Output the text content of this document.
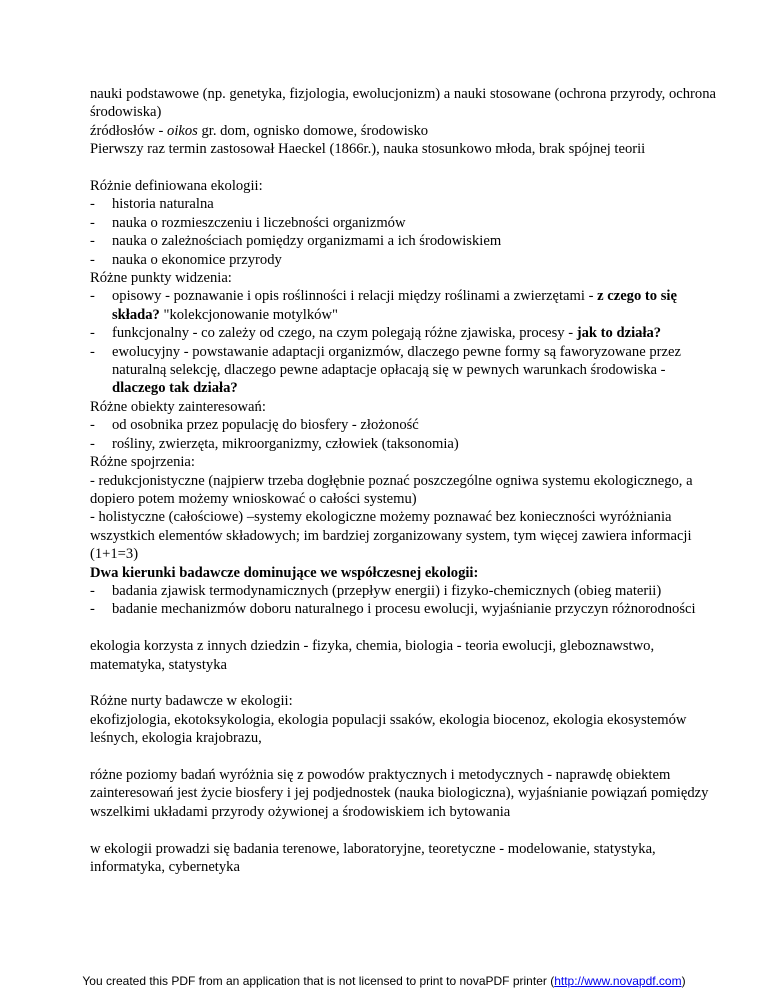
nauki podstawowe (np. genetyka, fizjologia, ewolucjonizm) a nauki stosowane (ochrona przyrody, ochrona środowiska)

źródłosłów - oikos gr. dom, ognisko domowe, środowisko

Pierwszy raz termin zastosował Haeckel (1866r.), nauka stosunkowo młoda, brak spójnej teorii

Różnie definiowana ekologii:

- historia naturalna

- nauka o rozmieszczeniu i liczebności organizmów

- nauka o zależnościach pomiędzy organizmami a ich środowiskiem

- nauka o ekonomice przyrody

Różne punkty widzenia:

- opisowy - poznawanie i opis roślinności i relacji między roślinami a zwierzętami - z czego to się składa? "kolekcjonowanie motylków"

- funkcjonalny - co zależy od czego, na czym polegają różne zjawiska, procesy - jak to działa?

- ewolucyjny - powstawanie adaptacji organizmów, dlaczego pewne formy są faworyzowane przez naturalną selekcję, dlaczego pewne adaptacje opłacają się w pewnych warunkach środowiska - dlaczego tak działa?

Różne obiekty zainteresowań:

- od osobnika przez populację do biosfery - złożoność

- rośliny, zwierzęta, mikroorganizmy, człowiek (taksonomia)

Różne spojrzenia:

- redukcjonistyczne (najpierw trzeba dogłębnie poznać poszczególne ogniwa systemu ekologicznego, a dopiero potem możemy wnioskować o całości systemu)

- holistyczne (całościowe) –systemy ekologiczne możemy poznawać bez konieczności wyróżniania wszystkich elementów składowych; im bardziej zorganizowany system, tym więcej zawiera informacji (1+1=3)

Dwa kierunki badawcze dominujące we współczesnej ekologii:

- badania zjawisk termodynamicznych (przepływ energii) i fizyko-chemicznych (obieg materii)

- badanie mechanizmów doboru naturalnego i procesu ewolucji, wyjaśnianie przyczyn różnorodności

ekologia korzysta z innych dziedzin - fizyka, chemia, biologia - teoria ewolucji, gleboznawstwo, matematyka, statystyka

Różne nurty badawcze w ekologii:

ekofizjologia, ekotoksykologia, ekologia populacji ssaków, ekologia biocenoz, ekologia ekosystemów leśnych, ekologia krajobrazu,

różne poziomy badań wyróżnia się z powodów praktycznych i metodycznych - naprawdę obiektem zainteresowań jest życie biosfery i jej podjednostek (nauka biologiczna), wyjaśnianie powiązań pomiędzy wszelkimi układami przyrody ożywionej a środowiskiem ich bytowania

w ekologii prowadzi się badania terenowe, laboratoryjne, teoretyczne - modelowanie, statystyka, informatyka, cybernetyka

You created this PDF from an application that is not licensed to print to novaPDF printer (http://www.novapdf.com)
